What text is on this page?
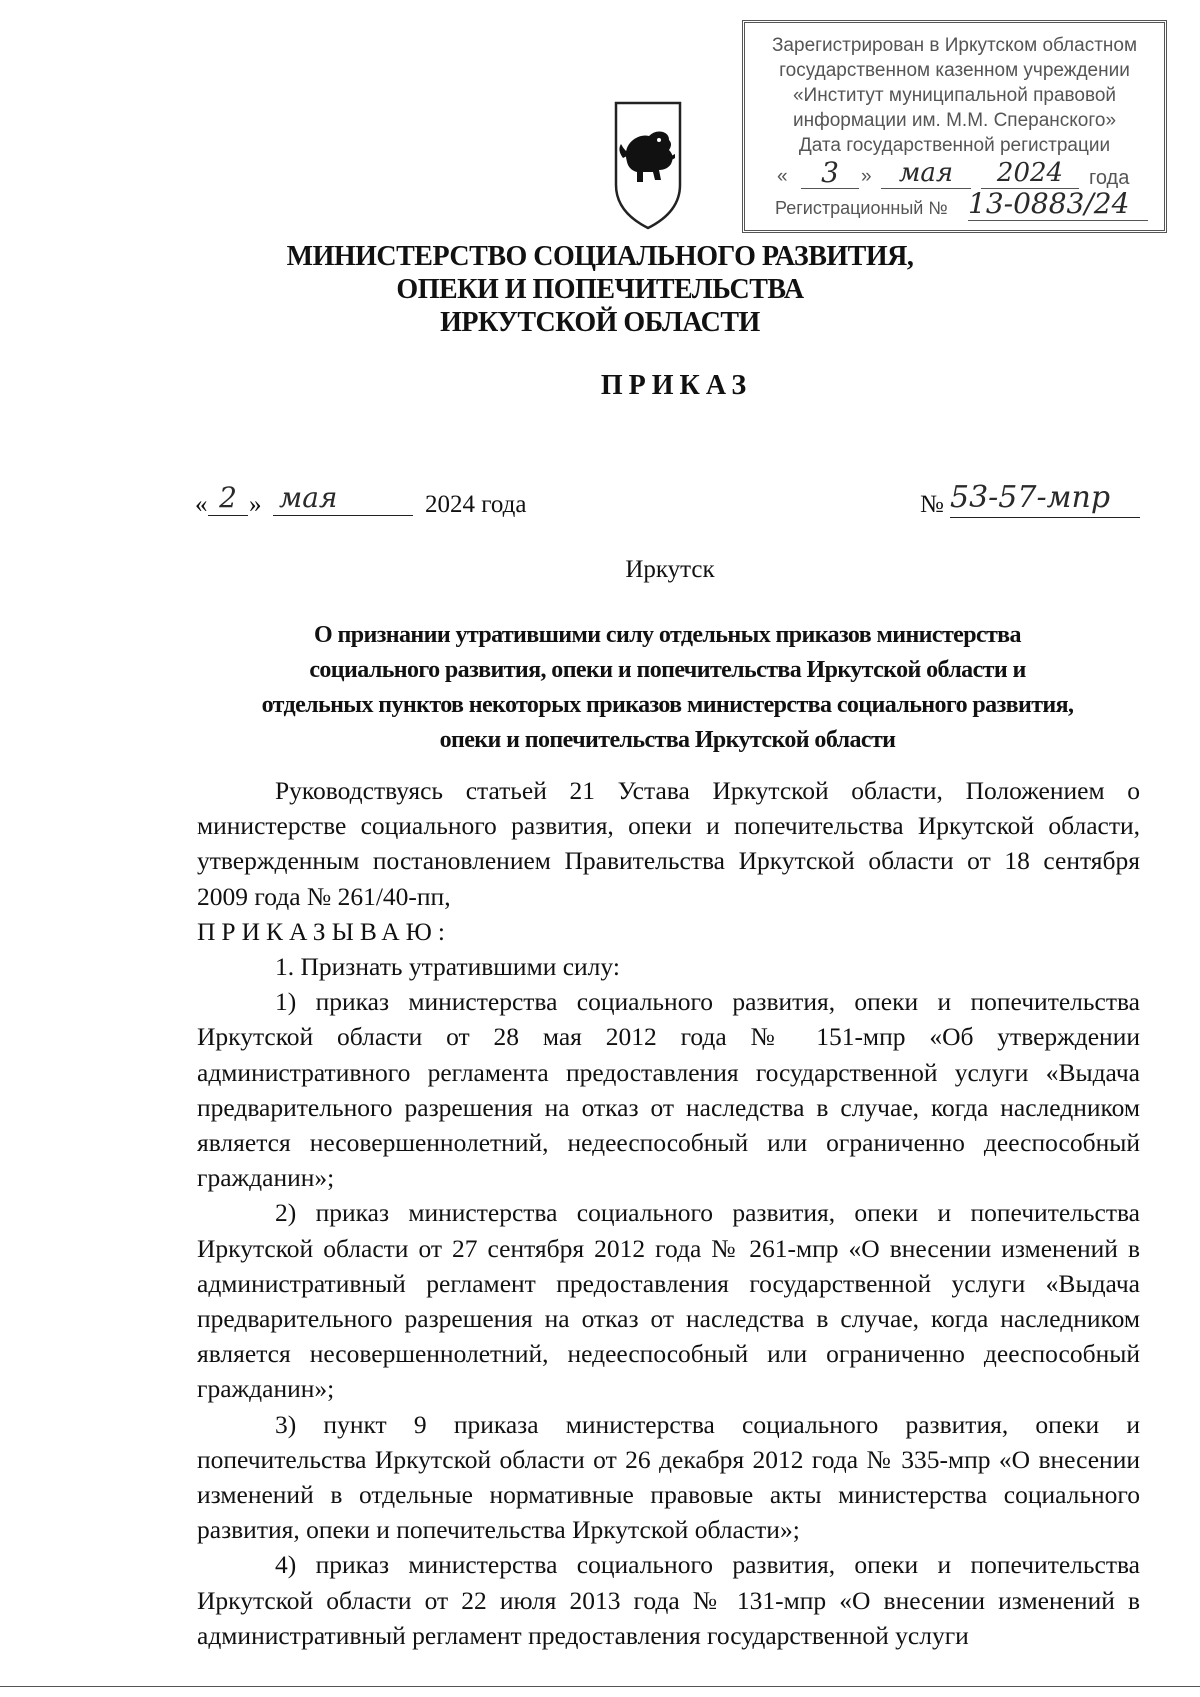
Зарегистрирован в Иркутском областном
государственном казенном учреждении
«Институт муниципальной правовой
информации им. М.М. Сперанского»
Дата государственной регистрации
«	3	»	мая	2024	года
Регистрационный № 13-0883/24
МИНИСТЕРСТВО СОЦИАЛЬНОГО РАЗВИТИЯ,
ОПЕКИ И ПОПЕЧИТЕЛЬСТВА
ИРКУТСКОЙ ОБЛАСТИ
ПРИКАЗ
« 2 » мая	2024 года	№ 53-57-мпр
Иркутск
О признании утратившими силу отдельных приказов министерства
социального развития, опеки и попечительства Иркутской области и
отдельных пунктов некоторых приказов министерства социального развития,
опеки и попечительства Иркутской области

Руководствуясь статьей 21 Устава Иркутской области, Положением о министерстве социального развития, опеки и попечительства Иркутской области, утвержденным постановлением Правительства Иркутской области от 18 сентября 2009 года № 261/40-пп,

ПРИКАЗЫВАЮ:

1. Признать утратившими силу:

1) приказ министерства социального развития, опеки и попечительства Иркутской области от 28 мая 2012 года № 151-мпр «Об утверждении административного регламента предоставления государственной услуги «Выдача предварительного разрешения на отказ от наследства в случае, когда наследником является несовершеннолетний, недееспособный или ограниченно дееспособный гражданин»;

2) приказ министерства социального развития, опеки и попечительства Иркутской области от 27 сентября 2012 года № 261-мпр «О внесении изменений в административный регламент предоставления государственной услуги «Выдача предварительного разрешения на отказ от наследства в случае, когда наследником является несовершеннолетний, недееспособный или ограниченно дееспособный гражданин»;

3) пункт 9 приказа министерства социального развития, опеки и попечительства Иркутской области от 26 декабря 2012 года № 335-мпр «О внесении изменений в отдельные нормативные правовые акты министерства социального развития, опеки и попечительства Иркутской области»;

4) приказ министерства социального развития, опеки и попечительства Иркутской области от 22 июля 2013 года № 131-мпр «О внесении изменений в административный регламент предоставления государственной услуги
